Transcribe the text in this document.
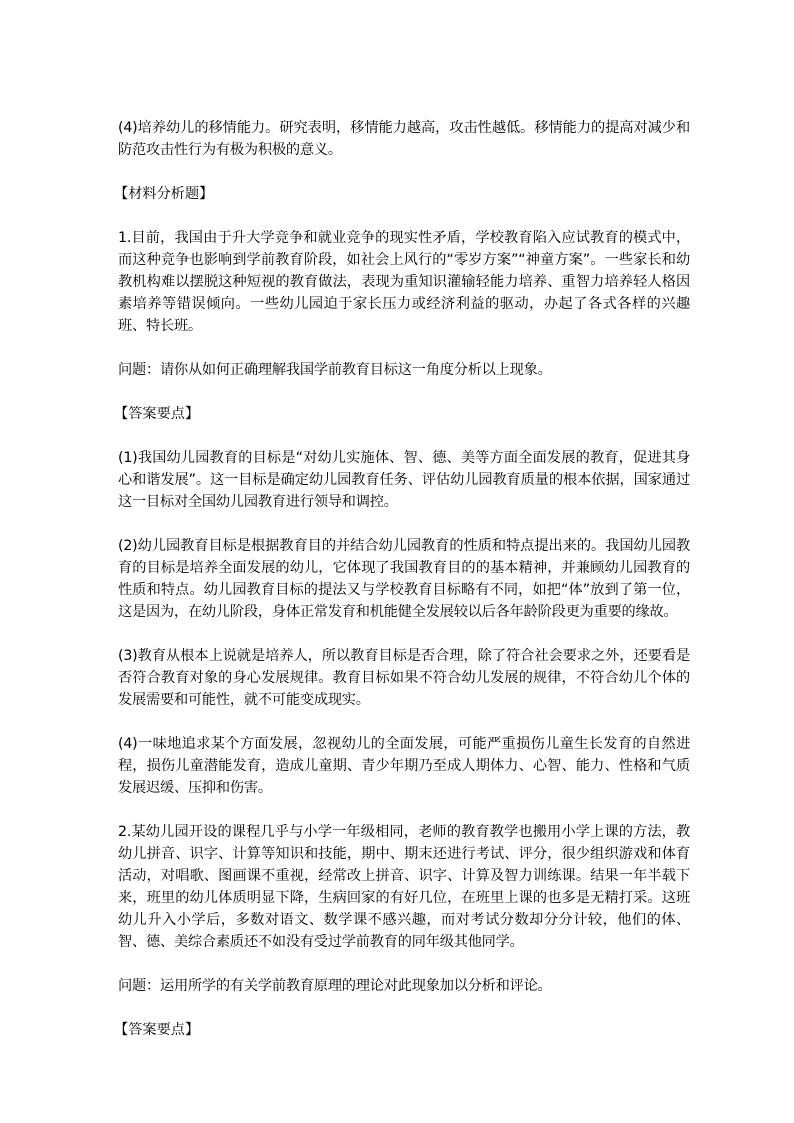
(4)培养幼儿的移情能力。研究表明，移情能力越高，攻击性越低。移情能力的提高对减少和防范攻击性行为有极为积极的意义。

【材料分析题】

1.目前，我国由于升大学竞争和就业竞争的现实性矛盾，学校教育陷入应试教育的模式中，而这种竞争也影响到学前教育阶段，如社会上风行的“零岁方案”“神童方案”。一些家长和幼教机构难以摆脱这种短视的教育做法，表现为重知识灌输轻能力培养、重智力培养轻人格因素培养等错误倾向。一些幼儿园迫于家长压力或经济利益的驱动，办起了各式各样的兴趣班、特长班。

问题：请你从如何正确理解我国学前教育目标这一角度分析以上现象。

【答案要点】

(1)我国幼儿园教育的目标是“对幼儿实施体、智、德、美等方面全面发展的教育，促进其身心和谐发展”。这一目标是确定幼儿园教育任务、评估幼儿园教育质量的根本依据，国家通过这一目标对全国幼儿园教育进行领导和调控。

(2)幼儿园教育目标是根据教育目的并结合幼儿园教育的性质和特点提出来的。我国幼儿园教育的目标是培养全面发展的幼儿，它体现了我国教育目的的基本精神，并兼顾幼儿园教育的性质和特点。幼儿园教育目标的提法又与学校教育目标略有不同，如把“体”放到了第一位，这是因为，在幼儿阶段，身体正常发育和机能健全发展较以后各年龄阶段更为重要的缘故。

(3)教育从根本上说就是培养人，所以教育目标是否合理，除了符合社会要求之外，还要看是否符合教育对象的身心发展规律。教育目标如果不符合幼儿发展的规律，不符合幼儿个体的发展需要和可能性，就不可能变成现实。

(4)一味地追求某个方面发展，忽视幼儿的全面发展，可能严重损伤儿童生长发育的自然进程，损伤儿童潜能发育，造成儿童期、青少年期乃至成人期体力、心智、能力、性格和气质发展迟缓、压抑和伤害。

2.某幼儿园开设的课程几乎与小学一年级相同，老师的教育教学也搬用小学上课的方法，教幼儿拼音、识字、计算等知识和技能，期中、期末还进行考试、评分，很少组织游戏和体育活动，对唱歌、图画课不重视，经常改上拼音、识字、计算及智力训练课。结果一年半载下来，班里的幼儿体质明显下降，生病回家的有好几位，在班里上课的也多是无精打采。这班幼儿升入小学后，多数对语文、数学课不感兴趣，而对考试分数却分分计较，他们的体、智、德、美综合素质还不如没有受过学前教育的同年级其他同学。

问题：运用所学的有关学前教育原理的理论对此现象加以分析和评论。

【答案要点】
